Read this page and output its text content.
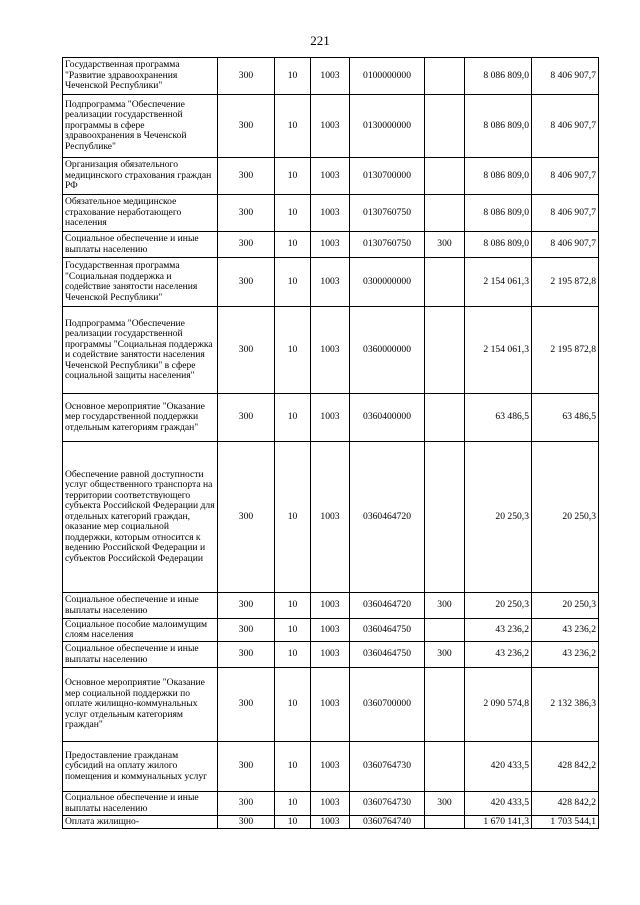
221
Государственная программа "Развитие здравоохранения Чеченской Республики"	300	10	1003	0100000000		8 086 809,0	8 406 907,7
Подпрограмма "Обеспечение реализации государственной программы в сфере здравоохранения в Чеченской Республике"	300	10	1003	0130000000		8 086 809,0	8 406 907,7
Организация обязательного медицинского страхования граждан РФ	300	10	1003	0130700000		8 086 809,0	8 406 907,7
Обязательное медицинское страхование неработающего населения	300	10	1003	0130760750		8 086 809,0	8 406 907,7
Социальное обеспечение и иные выплаты населению	300	10	1003	0130760750	300	8 086 809,0	8 406 907,7
Государственная программа "Социальная поддержка и содействие занятости населения Чеченской Республики"	300	10	1003	0300000000		2 154 061,3	2 195 872,8
Подпрограмма "Обеспечение реализации государственной программы "Социальная поддержка и содействие занятости населения Чеченской Республики" в сфере социальной защиты населения"	300	10	1003	0360000000		2 154 061,3	2 195 872,8
Основное мероприятие "Оказание мер государственной поддержки отдельным категориям граждан"	300	10	1003	0360400000		63 486,5	63 486,5
Обеспечение равной доступности услуг общественного транспорта на территории соответствующего субъекта Российской Федерации для отдельных категорий граждан, оказание мер социальной поддержки, которым относится к ведению Российской Федерации и субъектов Российской Федерации	300	10	1003	0360464720		20 250,3	20 250,3
Социальное обеспечение и иные выплаты населению	300	10	1003	0360464720	300	20 250,3	20 250,3
Социальное пособие малоимущим слоям населения	300	10	1003	0360464750		43 236,2	43 236,2
Социальное обеспечение и иные выплаты населению	300	10	1003	0360464750	300	43 236,2	43 236,2
Основное мероприятие "Оказание мер социальной поддержки по оплате жилищно-коммунальных услуг отдельным категориям граждан"	300	10	1003	0360700000		2 090 574,8	2 132 386,3
Предоставление гражданам субсидий на оплату жилого помещения и коммунальных услуг	300	10	1003	0360764730		420 433,5	428 842,2
Социальное обеспечение и иные выплаты населению	300	10	1003	0360764730	300	420 433,5	428 842,2
Оплата жилищно-	300	10	1003	0360764740		1 670 141,3	1 703 544,1
